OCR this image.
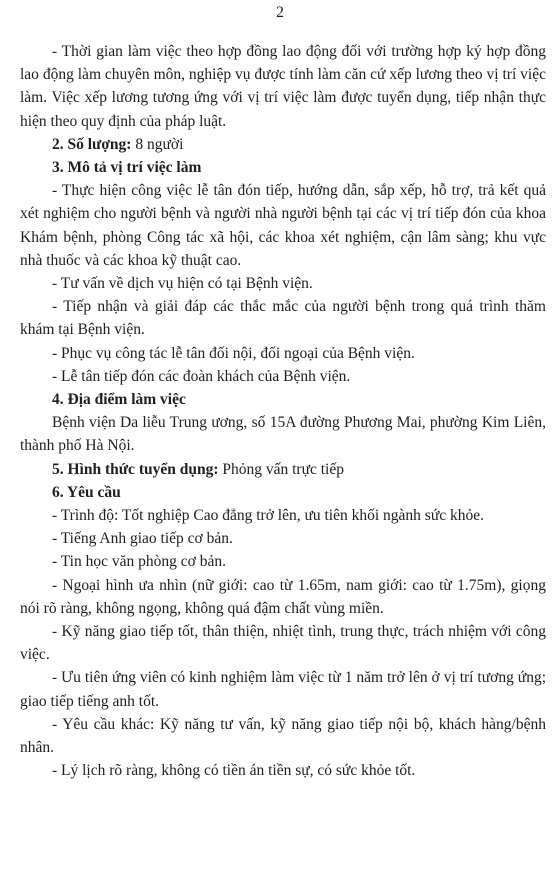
2

- Thời gian làm việc theo hợp đồng lao động đối với trường hợp ký hợp đồng lao động làm chuyên môn, nghiệp vụ được tính làm căn cứ xếp lương theo vị trí việc làm. Việc xếp lương tương ứng với vị trí việc làm được tuyển dụng, tiếp nhận thực hiện theo quy định của pháp luật.

2. Số lượng: 8 người

3. Mô tả vị trí việc làm

- Thực hiện công việc lễ tân đón tiếp, hướng dẫn, sắp xếp, hỗ trợ, trả kết quả xét nghiệm cho người bệnh và người nhà người bệnh tại các vị trí tiếp đón của khoa Khám bệnh, phòng Công tác xã hội, các khoa xét nghiệm, cận lâm sàng; khu vực nhà thuốc và các khoa kỹ thuật cao.

- Tư vấn về dịch vụ hiện có tại Bệnh viện.

- Tiếp nhận và giải đáp các thắc mắc của người bệnh trong quá trình thăm khám tại Bệnh viện.

- Phục vụ công tác lễ tân đối nội, đối ngoại của Bệnh viện.

- Lễ tân tiếp đón các đoàn khách của Bệnh viện.

4. Địa điểm làm việc

Bệnh viện Da liễu Trung ương, số 15A đường Phương Mai, phường Kim Liên, thành phố Hà Nội.

5. Hình thức tuyển dụng: Phỏng vấn trực tiếp

6. Yêu cầu

- Trình độ: Tốt nghiệp Cao đẳng trở lên, ưu tiên khối ngành sức khỏe.

- Tiếng Anh giao tiếp cơ bản.

- Tin học văn phòng cơ bản.

- Ngoại hình ưa nhìn (nữ giới: cao từ 1.65m, nam giới: cao từ 1.75m), giọng nói rõ ràng, không ngọng, không quá đậm chất vùng miền.

- Kỹ năng giao tiếp tốt, thân thiện, nhiệt tình, trung thực, trách nhiệm với công việc.

- Ưu tiên ứng viên có kinh nghiệm làm việc từ 1 năm trở lên ở vị trí tương ứng; giao tiếp tiếng anh tốt.

- Yêu cầu khác: Kỹ năng tư vấn, kỹ năng giao tiếp nội bộ, khách hàng/bệnh nhân.

- Lý lịch rõ ràng, không có tiền án tiền sự, có sức khỏe tốt.
